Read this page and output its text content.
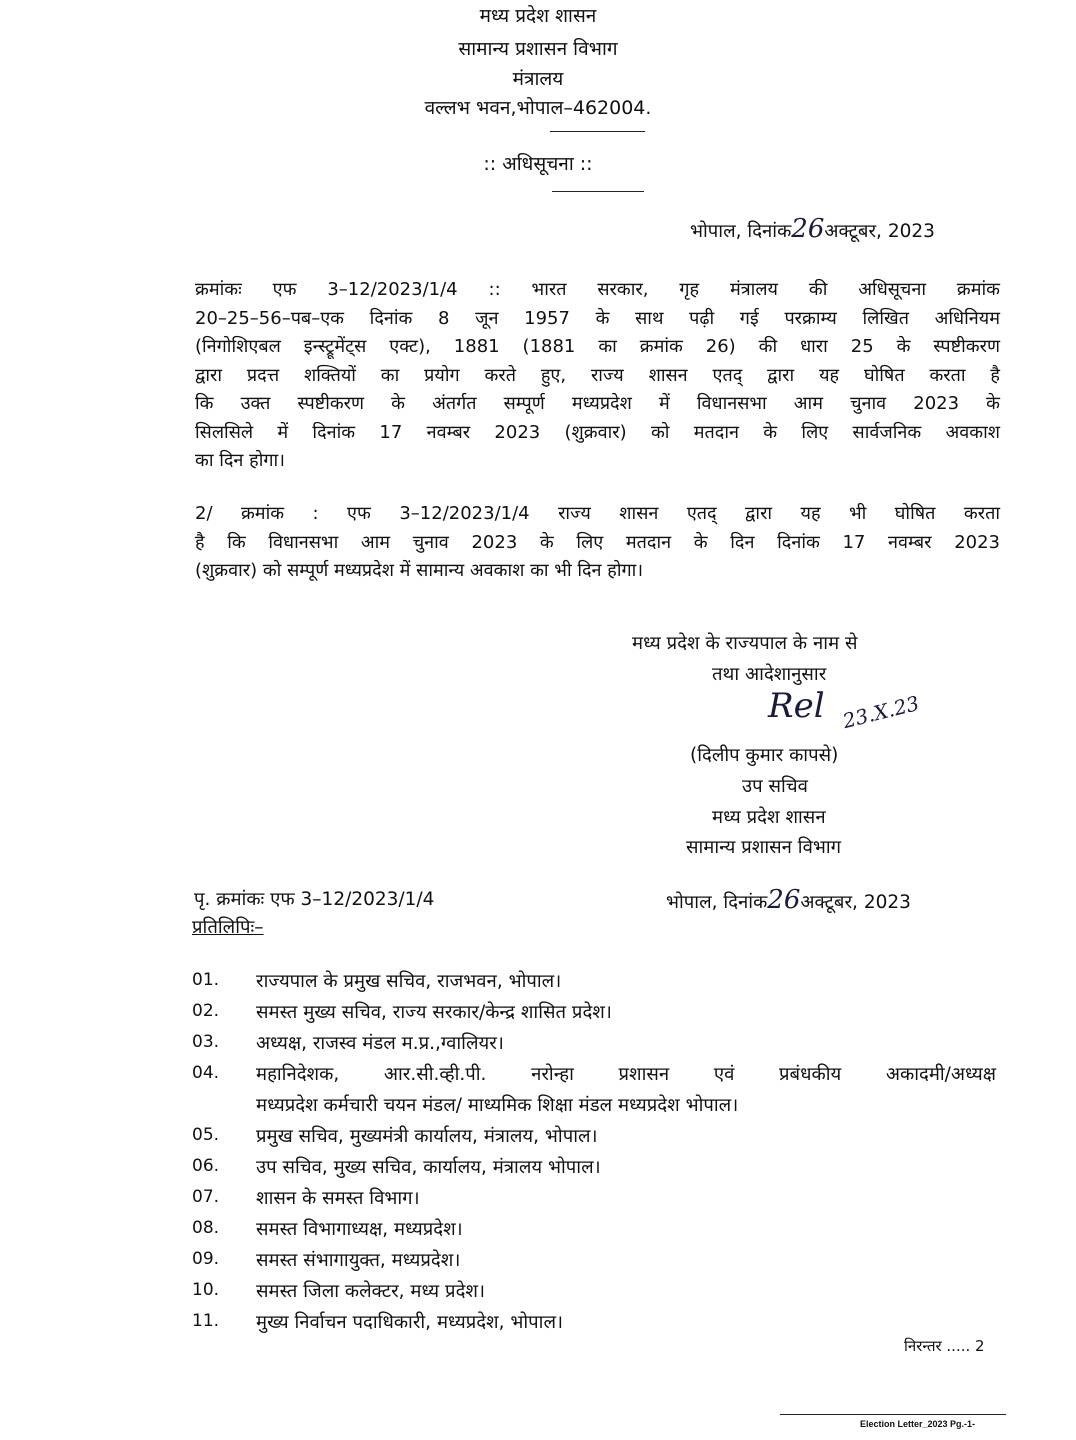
मध्य प्रदेश शासन
सामान्य प्रशासन विभाग
मंत्रालय
वल्लभ भवन,भोपाल–462004.
:: अधिसूचना ::
भोपाल, दिनांक26अक्टूबर, 2023
क्रमांकः एफ 3–12/2023/1/4 :: भारत सरकार, गृह मंत्रालय की अधिसूचना क्रमांक
20–25–56–पब–एक दिनांक 8 जून 1957 के साथ पढ़ी गई परक्राम्य लिखित अधिनियम
(निगोशिएबल इन्स्ट्रूमेंट्स एक्ट), 1881 (1881 का क्रमांक 26) की धारा 25 के स्पष्टीकरण
द्वारा प्रदत्त शक्तियों का प्रयोग करते हुए, राज्य शासन एतद् द्वारा यह घोषित करता है
कि उक्त स्पष्टीकरण के अंतर्गत सम्पूर्ण मध्यप्रदेश में विधानसभा आम चुनाव 2023 के
सिलसिले में दिनांक 17 नवम्बर 2023 (शुक्रवार) को मतदान के लिए सार्वजनिक अवकाश
का दिन होगा।
2/ क्रमांक : एफ 3–12/2023/1/4 राज्य शासन एतद् द्वारा यह भी घोषित करता
है कि विधानसभा आम चुनाव 2023 के लिए मतदान के दिन दिनांक 17 नवम्बर 2023
(शुक्रवार) को सम्पूर्ण मध्यप्रदेश में सामान्य अवकाश का भी दिन होगा।
मध्य प्रदेश के राज्यपाल के नाम से
तथा आदेशानुसार
Rel 23.X.23
(दिलीप कुमार कापसे)
उप सचिव
मध्य प्रदेश शासन
सामान्य प्रशासन विभाग
पृ. क्रमांकः एफ 3–12/2023/1/4	भोपाल, दिनांक26अक्टूबर, 2023
प्रतिलिपिः–
01. राज्यपाल के प्रमुख सचिव, राजभवन, भोपाल।
02. समस्त मुख्य सचिव, राज्य सरकार/केन्द्र शासित प्रदेश।
03. अध्यक्ष, राजस्व मंडल म.प्र.,ग्वालियर।
04. महानिदेशक, आर.सी.व्ही.पी. नरोन्हा प्रशासन एवं प्रबंधकीय अकादमी/अध्यक्ष
मध्यप्रदेश कर्मचारी चयन मंडल/ माध्यमिक शिक्षा मंडल मध्यप्रदेश भोपाल।
05. प्रमुख सचिव, मुख्यमंत्री कार्यालय, मंत्रालय, भोपाल।
06. उप सचिव, मुख्य सचिव, कार्यालय, मंत्रालय भोपाल।
07. शासन के समस्त विभाग।
08. समस्त विभागाध्यक्ष, मध्यप्रदेश।
09. समस्त संभागायुक्त, मध्यप्रदेश।
10. समस्त जिला कलेक्टर, मध्य प्रदेश।
11. मुख्य निर्वाचन पदाधिकारी, मध्यप्रदेश, भोपाल।
निरन्तर ..... 2
Election Letter_2023 Pg.-1-
